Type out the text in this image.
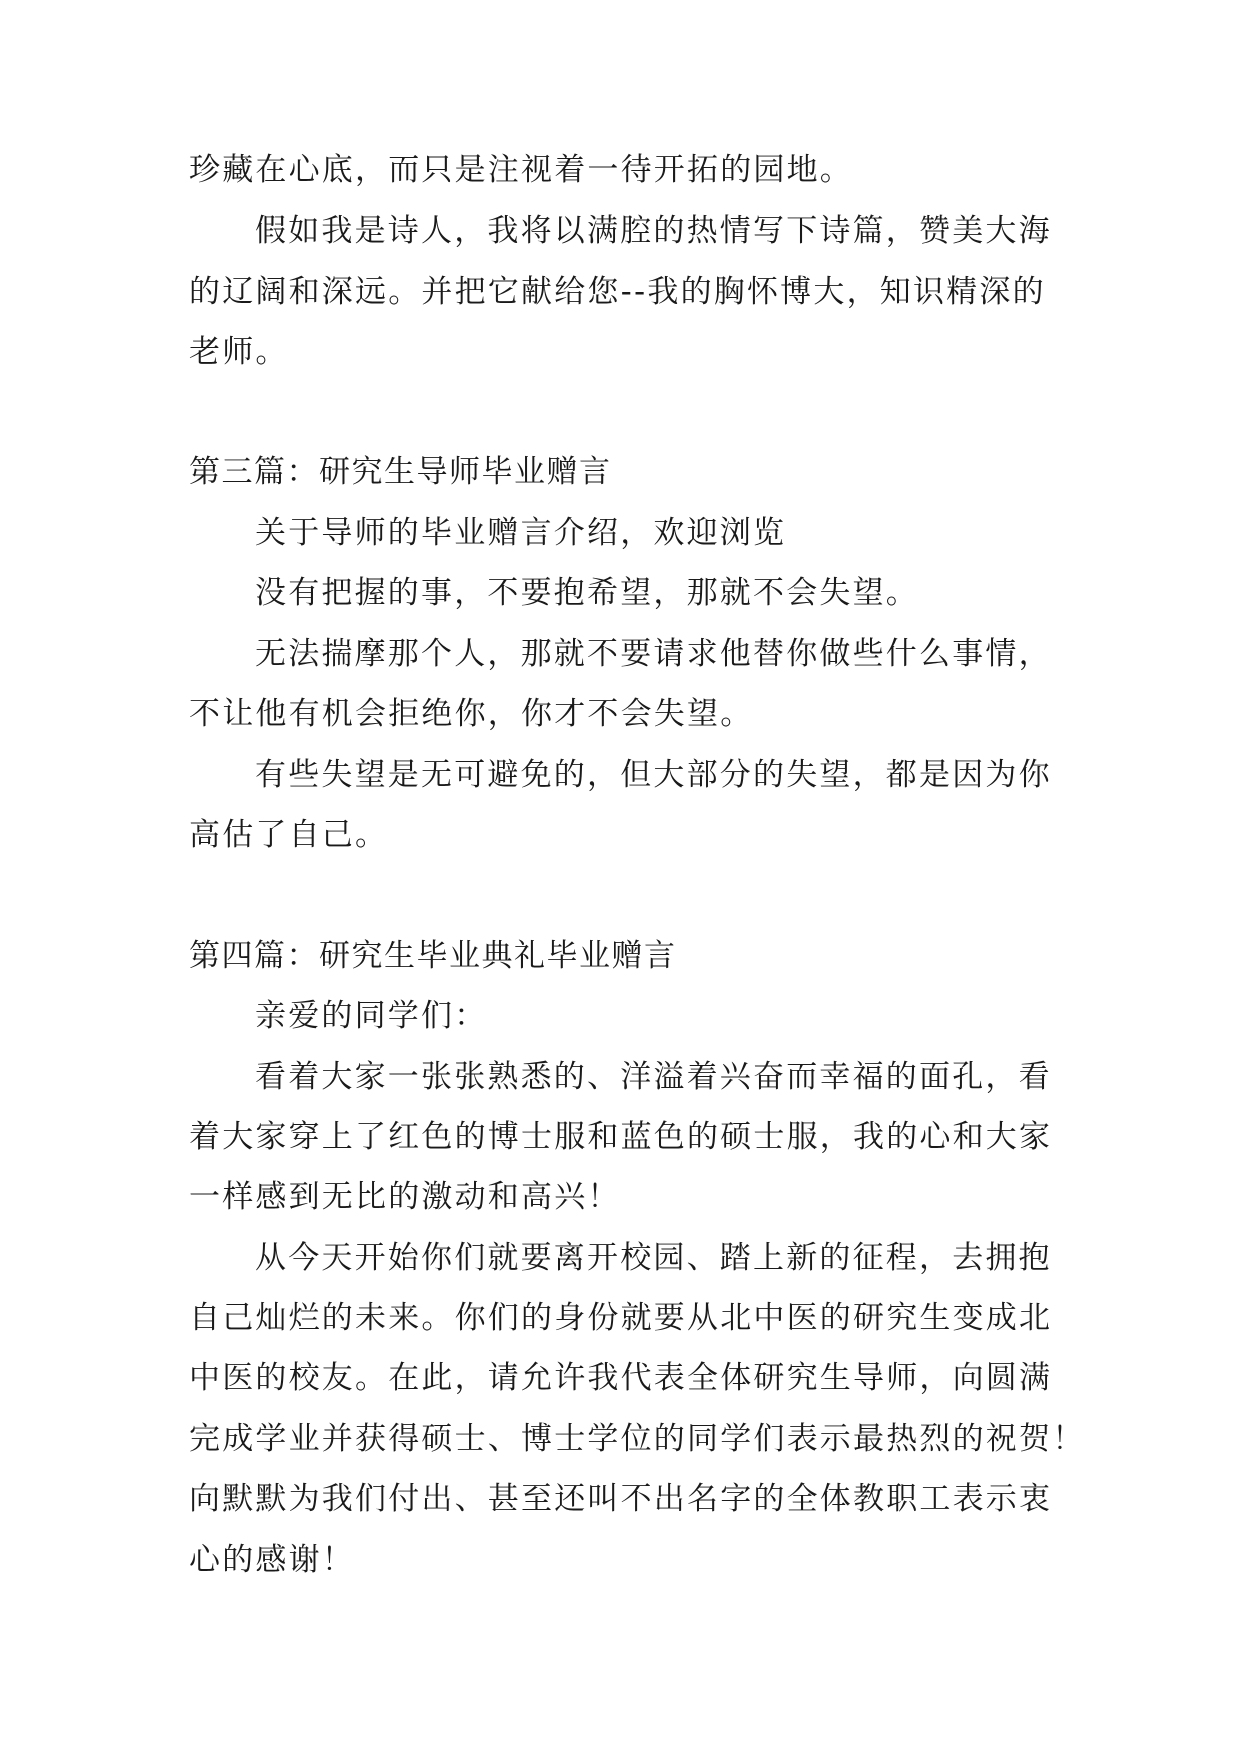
珍藏在心底，而只是注视着一待开拓的园地。
假如我是诗人，我将以满腔的热情写下诗篇，赞美大海
的辽阔和深远。并把它献给您--我的胸怀博大，知识精深的
老师。
第三篇：研究生导师毕业赠言
关于导师的毕业赠言介绍，欢迎浏览
没有把握的事，不要抱希望，那就不会失望。
无法揣摩那个人，那就不要请求他替你做些什么事情，
不让他有机会拒绝你，你才不会失望。
有些失望是无可避免的，但大部分的失望，都是因为你
高估了自己。
第四篇：研究生毕业典礼毕业赠言
亲爱的同学们：
看着大家一张张熟悉的、洋溢着兴奋而幸福的面孔，看
着大家穿上了红色的博士服和蓝色的硕士服，我的心和大家
一样感到无比的激动和高兴！
从今天开始你们就要离开校园、踏上新的征程，去拥抱
自己灿烂的未来。你们的身份就要从北中医的研究生变成北
中医的校友。在此，请允许我代表全体研究生导师，向圆满
完成学业并获得硕士、博士学位的同学们表示最热烈的祝贺！
向默默为我们付出、甚至还叫不出名字的全体教职工表示衷
心的感谢！
